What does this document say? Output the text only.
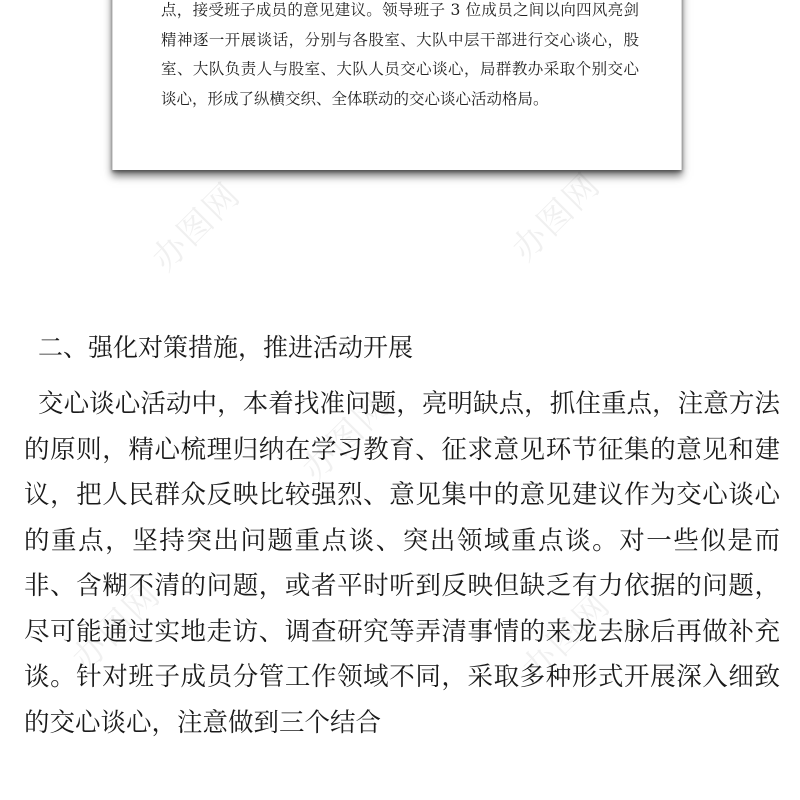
点，接受班子成员的意见建议。领导班子 3 位成员之间以向四风亮剑精神逐一开展谈话，分别与各股室、大队中层干部进行交心谈心，股室、大队负责人与股室、大队人员交心谈心，局群教办采取个别交心谈心，形成了纵横交织、全体联动的交心谈心活动格局。

二、强化对策措施，推进活动开展

交心谈心活动中，本着找准问题，亮明缺点，抓住重点，注意方法的原则，精心梳理归纳在学习教育、征求意见环节征集的意见和建议，把人民群众反映比较强烈、意见集中的意见建议作为交心谈心的重点，坚持突出问题重点谈、突出领域重点谈。对一些似是而非、含糊不清的问题，或者平时听到反映但缺乏有力依据的问题，尽可能通过实地走访、调查研究等弄清事情的来龙去脉后再做补充谈。针对班子成员分管工作领域不同，采取多种形式开展深入细致的交心谈心，注意做到三个结合

办图网	办图网
办图网
办图网	办图网
